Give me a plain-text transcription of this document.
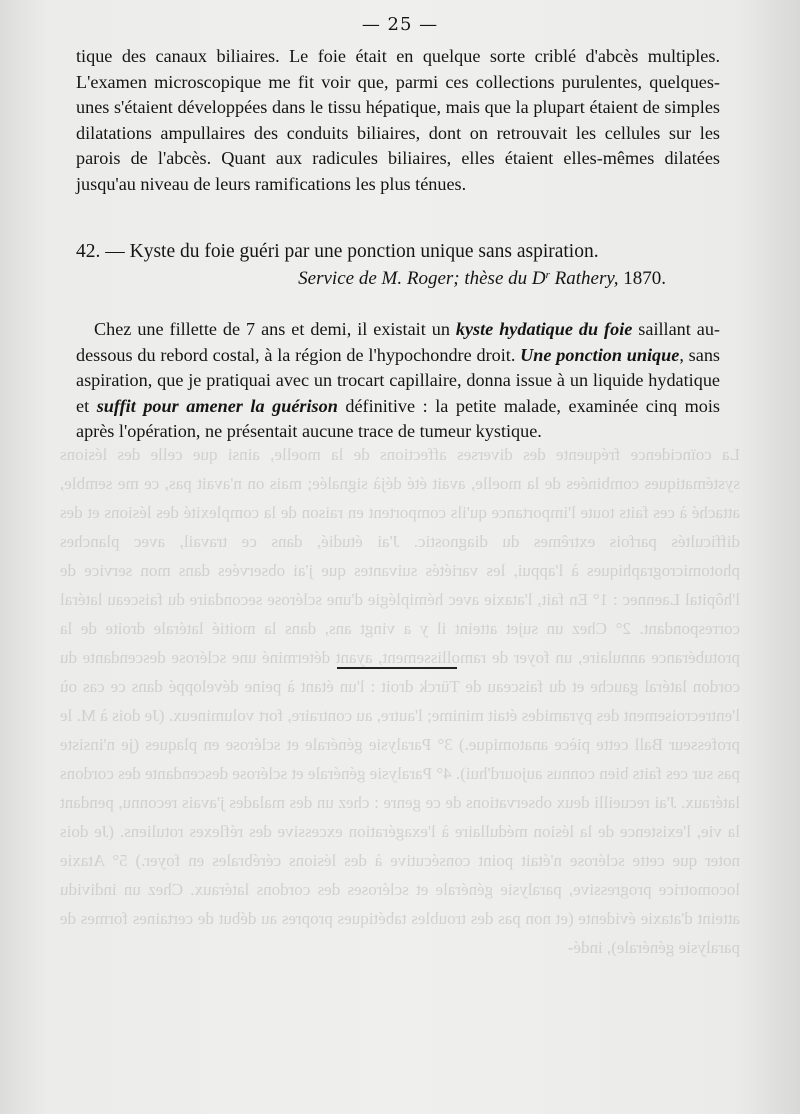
La coïncidence fréquente des diverses affections de la moelle, ainsi que celle des lésions systématiques combinées de la moelle, avait été déjà signalée; mais on n'avait pas, ce me semble, attaché à ces faits toute l'importance qu'ils comportent en raison de la complexité des lésions et des difficultés parfois extrêmes du diagnostic. J'ai étudié, dans ce travail, avec planches photomicrographiques à l'appui, les variétés suivantes que j'ai observées dans mon service de l'hôpital Laennec : 1° En fait, l'ataxie avec hémiplégie d'une sclérose secondaire du faisceau latéral correspondant. 2° Chez un sujet atteint il y a vingt ans, dans la moitié latérale droite de la protubérance annulaire, un foyer de ramollissement, ayant déterminé une sclérose descendante du cordon latéral gauche et du faisceau de Türck droit : l'un étant à peine développé dans ce cas où l'entrecroisement des pyramides était minime; l'autre, au contraire, fort volumineux. (Je dois à M. le professeur Ball cette pièce anatomique.) 3° Paralysie générale et sclérose en plaques (je n'insiste pas sur ces faits bien connus aujourd'hui). 4° Paralysie générale et sclérose descendante des cordons latéraux. J'ai recueilli deux observations de ce genre : chez un des malades j'avais reconnu, pendant la vie, l'existence de la lésion médullaire à l'exagération excessive des réflexes rotuliens. (Je dois noter que cette sclérose n'était point consécutive à des lésions cérébrales en foyer.) 5° Ataxie locomotrice progressive, paralysie générale et scléroses des cordons latéraux. Chez un individu atteint d'ataxie évidente (et non pas des troubles tabétiques propres au début de certaines formes de paralysie générale), indé-
— 25 —
tique des canaux biliaires. Le foie était en quelque sorte criblé d'abcès multiples. L'examen microscopique me fit voir que, parmi ces collections purulentes, quelques-unes s'étaient développées dans le tissu hépatique, mais que la plupart étaient de simples dilatations ampullaires des conduits biliaires, dont on retrouvait les cellules sur les parois de l'abcès. Quant aux radicules biliaires, elles étaient elles-mêmes dilatées jusqu'au niveau de leurs ramifications les plus ténues.
42. — Kyste du foie guéri par une ponction unique sans aspiration.
Service de M. Roger; thèse du $D^r$ Rathery, 1870.
Chez une fillette de 7 ans et demi, il existait un kyste hydatique du foie saillant au-dessous du rebord costal, à la région de l'hypochondre droit. Une ponction unique, sans aspiration, que je pratiquai avec un trocart capillaire, donna issue à un liquide hydatique et suffit pour amener la guérison définitive : la petite malade, examinée cinq mois après l'opération, ne présentait aucune trace de tumeur kystique.
